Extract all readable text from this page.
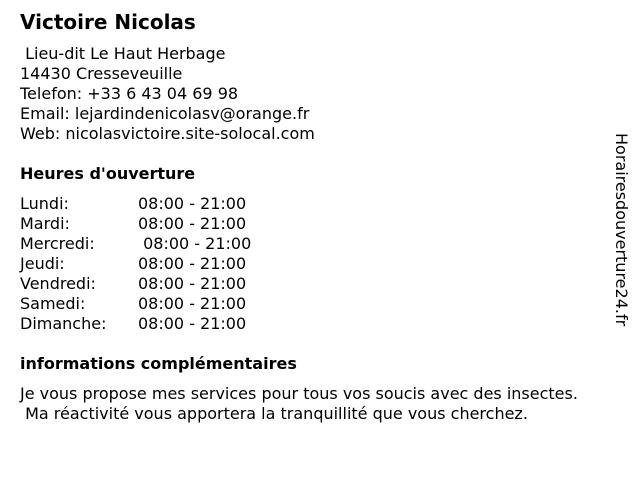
Victoire Nicolas
Lieu-dit Le Haut Herbage
14430 Cresseveuille
Telefon: +33 6 43 04 69 98
Email: lejardindenicolasv@orange.fr
Web: nicolasvictoire.site-solocal.com
Heures d'ouverture
Lundi:	08:00 - 21:00
Mardi:	08:00 - 21:00
Mercredi:	08:00 - 21:00
Jeudi:	08:00 - 21:00
Vendredi:	08:00 - 21:00
Samedi:	08:00 - 21:00
Dimanche:	08:00 - 21:00
informations complémentaires
Je vous propose mes services pour tous vos soucis avec des insectes.
Ma réactivité vous apportera la tranquillité que vous cherchez.
Horairesdouverture24.fr
